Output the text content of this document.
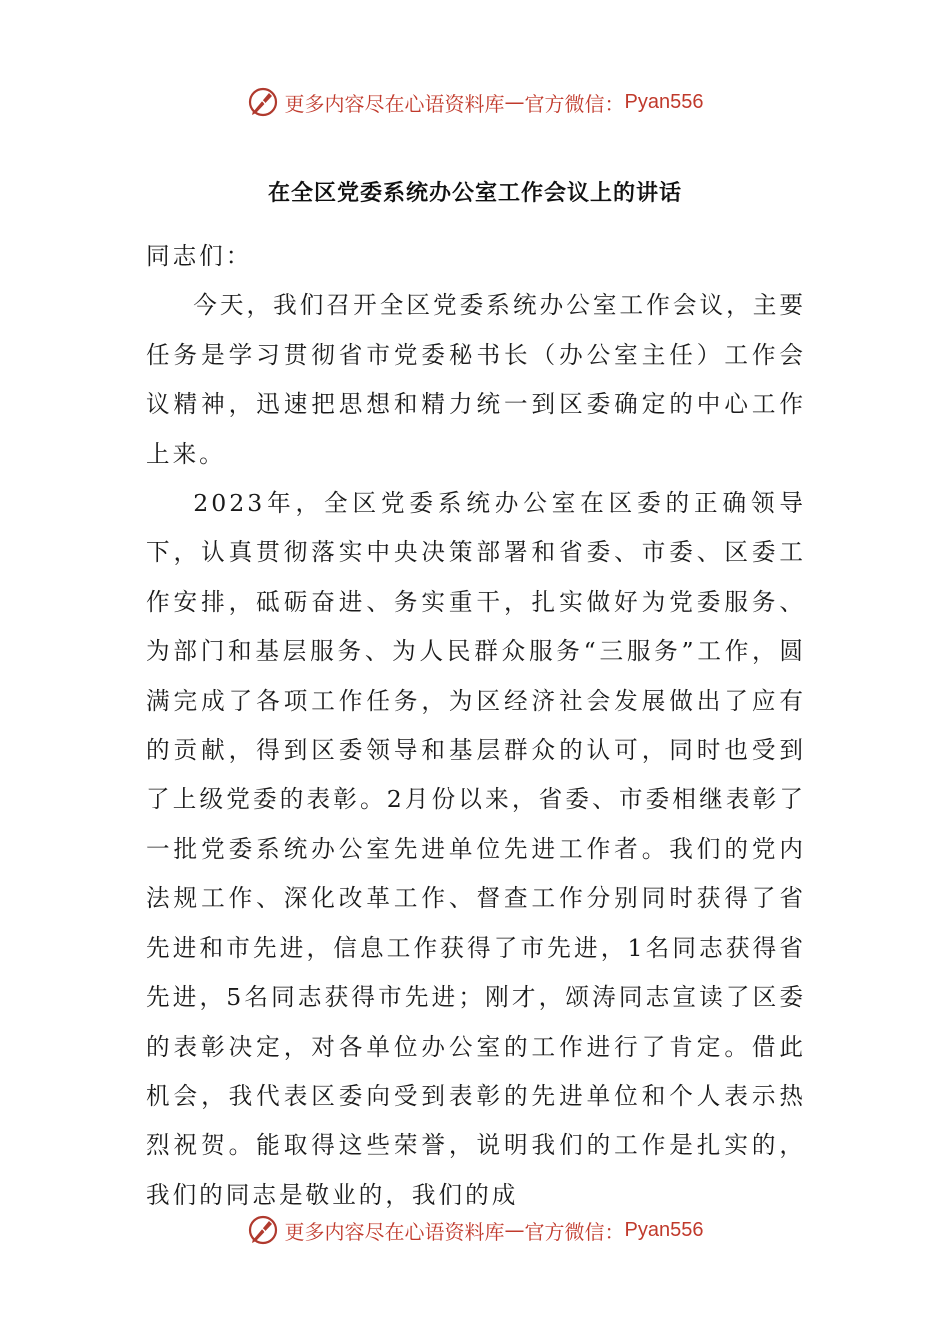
更多内容尽在心语资料库 — 官方微信： Pyan556
在全区党委系统办公室工作会议上的讲话

同志们：

今天，我们召开全区党委系统办公室工作会议，主要任务是学习贯彻省市党委秘书长（办公室主任）工作会议精神，迅速把思想和精力统一到区委确定的中心工作上来。

2023年，全区党委系统办公室在区委的正确领导下，认真贯彻落实中央决策部署和省委、市委、区委工作安排，砥砺奋进、务实重干，扎实做好为党委服务、为部门和基层服务、为人民群众服务“三服务”工作，圆满完成了各项工作任务，为区经济社会发展做出了应有的贡献，得到区委领导和基层群众的认可，同时也受到了上级党委的表彰。2月份以来，省委、市委相继表彰了一批党委系统办公室先进单位先进工作者。我们的党内法规工作、深化改革工作、督查工作分别同时获得了省先进和市先进，信息工作获得了市先进，1名同志获得省先进，5名同志获得市先进；刚才，颂涛同志宣读了区委的表彰决定，对各单位办公室的工作进行了肯定。借此机会，我代表区委向受到表彰的先进单位和个人表示热烈祝贺。能取得这些荣誉，说明我们的工作是扎实的，我们的同志是敬业的，我们的成

更多内容尽在心语资料库 — 官方微信： Pyan556
